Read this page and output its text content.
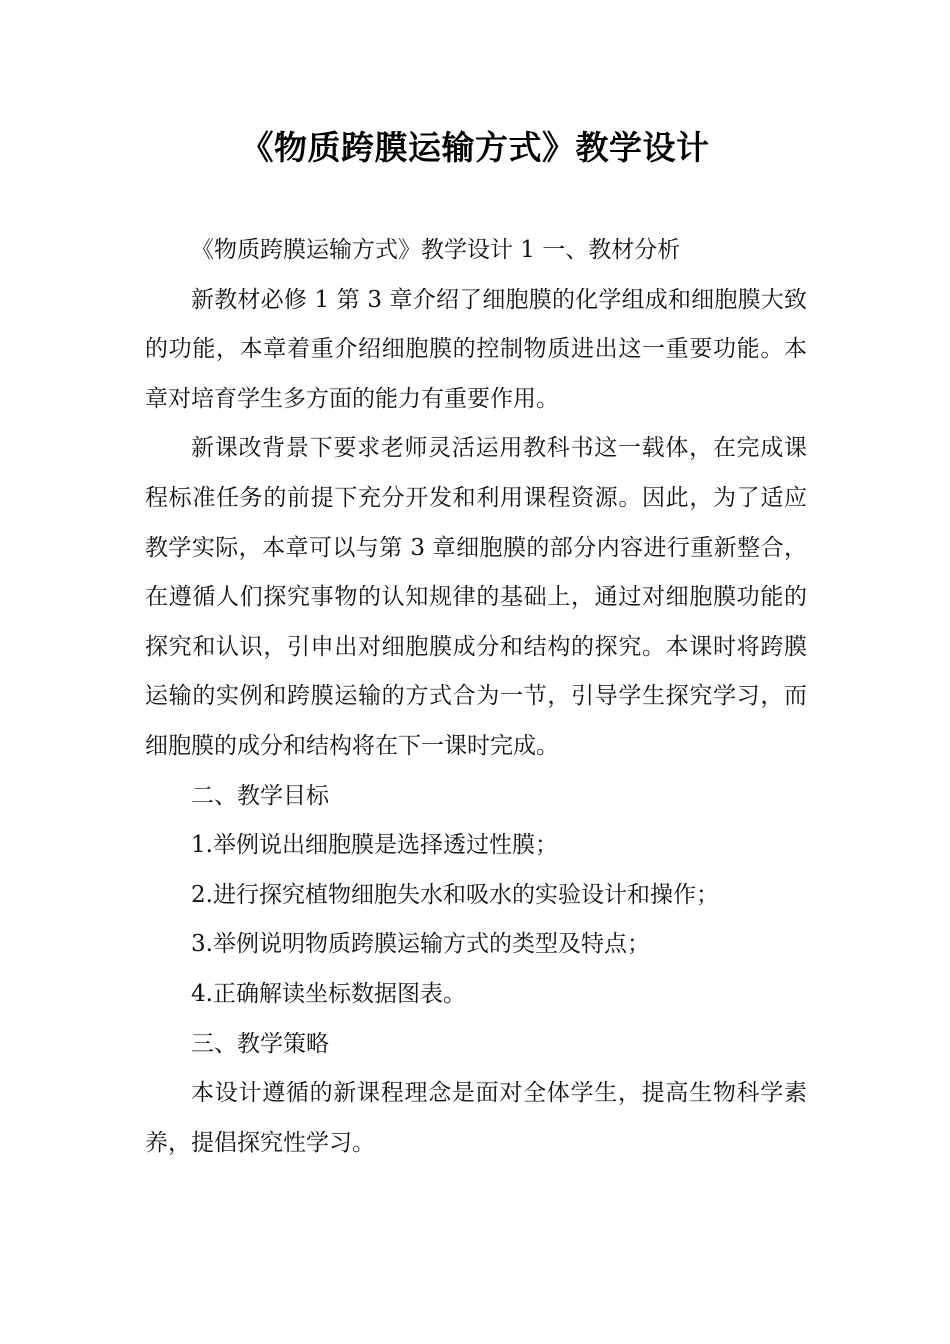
《物质跨膜运输方式》教学设计

《物质跨膜运输方式》教学设计 1 一、教材分析

新教材必修 1 第 3 章介绍了细胞膜的化学组成和细胞膜大致的功能，本章着重介绍细胞膜的控制物质进出这一重要功能。本章对培育学生多方面的能力有重要作用。

新课改背景下要求老师灵活运用教科书这一载体，在完成课程标准任务的前提下充分开发和利用课程资源。因此，为了适应教学实际，本章可以与第 3 章细胞膜的部分内容进行重新整合，在遵循人们探究事物的认知规律的基础上，通过对细胞膜功能的探究和认识，引申出对细胞膜成分和结构的探究。本课时将跨膜运输的实例和跨膜运输的方式合为一节，引导学生探究学习，而细胞膜的成分和结构将在下一课时完成。

二、教学目标

1.举例说出细胞膜是选择透过性膜；

2.进行探究植物细胞失水和吸水的实验设计和操作；

3.举例说明物质跨膜运输方式的类型及特点；

4.正确解读坐标数据图表。

三、教学策略

本设计遵循的新课程理念是面对全体学生，提高生物科学素养，提倡探究性学习。
